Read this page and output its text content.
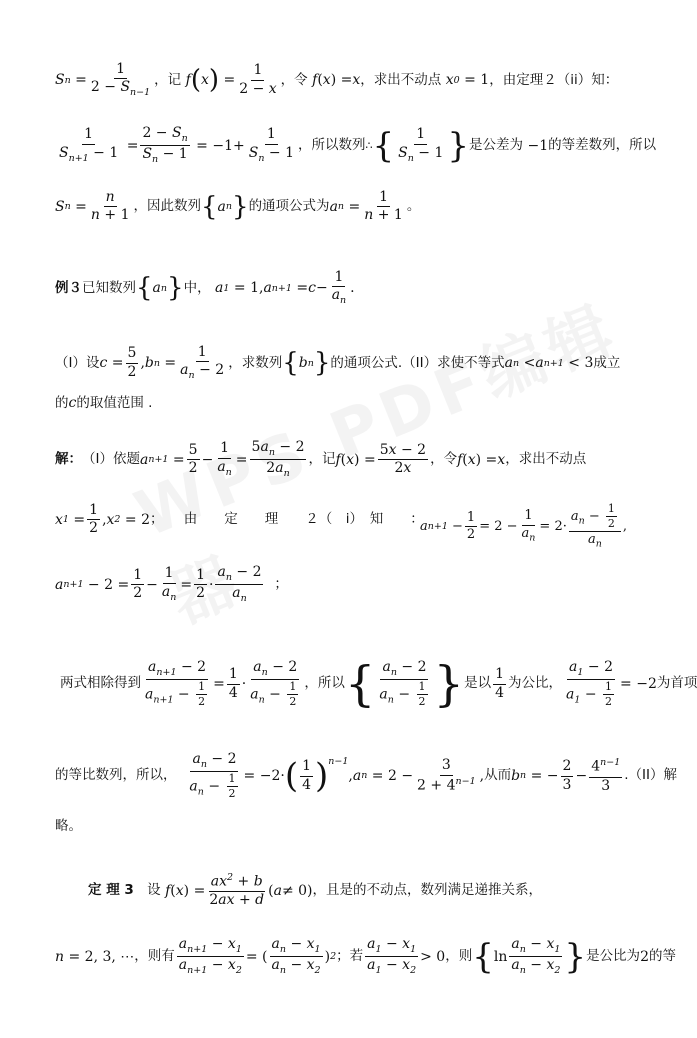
S $n = \frac{1}{2 - S_{n-1}}$ ，记 f ( x ) = $\frac{1}{2 - x}$ ，令 f ( x ) = x ，求出不动点 x 0 = 1 ，由定理２（ii）知：
$\frac{1}{S_{n+1} - 1} = \frac{2 - S_n}{S_n - 1} = -1+ \frac{1}{S_n - 1}$ ，所以数列 ∴ { $\frac{1}{S_n - 1}$ } 是公差为 −1 的等差数列，所以
S $n = \frac{n}{n + 1}$ ，因此数列 { a n } 的通项公式为 a $n = \frac{1}{n + 1}$ 。
例３ 已知数列 { a n } 中，
a 1 = 1, a $n+1 = c - \frac{1}{a_n}$ .
（I）设 $c = \frac{5}{2}$ , b $n = \frac{1}{a_n - 2}$ ，求数列 { b n } 的通项公式.（II）求使不等式 a n < a n+1 < 3 成立
的c的取值范围 .
解： （I）依题 a $n+1 = \frac{5}{2} - \frac{1}{a_n} = \frac{5a_n - 2}{2a_n}$ ，记 f ( x ) = $\frac{5x - 2}{2x}$ ，令 f ( x ) = x ，求出不动点
x $1 = \frac{1}{2}$ , x 2 = 2 ；　　由　　定　　理　　２（　i）　知　　：
a $n+1 - \frac{1}{2} = 2 - \frac{1}{a_n} = 2\cdot \frac{a_n - \frac{1}{2}}{a_n}$ ,
a $n+1 - 2 = \frac{1}{2} - \frac{1}{a_n} = \frac{1}{2} \cdot \frac{a_n - 2}{a_n}$
；
两式相除得到 $\frac{a_{n+1} - 2}{a_{n+1} - \frac{1}{2}} = \frac{1}{4} \cdot \frac{a_n - 2}{a_n - \frac{1}{2}}$ ，所以 { $\frac{a_n - 2}{a_n - \frac{1}{2}}$ } 是以 $\frac{1}{4}$ 为公比， $\frac{a_1 - 2}{a_1 - \frac{1}{2}} = -2$ 为首项
的等比数列，所以，
$\frac{a_n - 2}{a_n - \frac{1}{2}} = -2\cdot$ ( $\frac{1}{4} )^{n-1}$
, a $n = 2 - \frac{3}{2 + 4^{n-1}}$ , 从而 b n = − $\frac{2}{3} - \frac{4^{n-1}}{3} .(II)$解
略。
定 理 3
设
f ( x ) = $\frac{ax^2 + b}{2ax + d}$ ( a ≠ 0) ，且是的不动点，数列满足递推关系，
n = 2, 3, ⋯ ，则有 $\frac{a_{n+1} - x_1}{a_{n+1} - x_2}$ = ( $\frac{a_n - x_1}{a_n - x_2}$ ) 2 ；若 $\frac{a_1 - x_1}{a_1 - x_2} > 0$ ，则 { $\ln \frac{a_n - x_1}{a_n - x_2}$ } 是公比为 2 的等
